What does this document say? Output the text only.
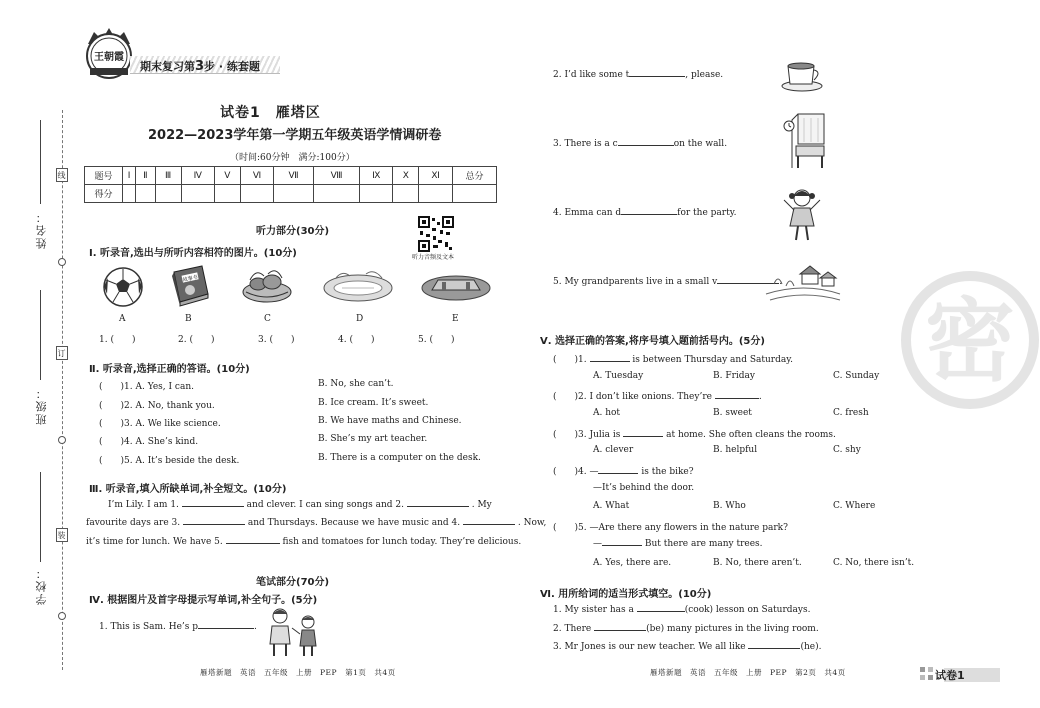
线
订
装
姓名：
班级：
学校：
王朝霞
期末复习第3步 · 练套题
试卷1　雁塔区
2022—2023学年第一学期五年级英语学情调研卷
（时间:60分钟　满分:100分）
题号	Ⅰ	Ⅱ	Ⅲ	Ⅳ	Ⅴ	Ⅵ	Ⅶ	Ⅷ	Ⅸ	Ⅹ	Ⅺ	总分
得分												
听力部分(30分)
听力音频及文本
Ⅰ. 听录音,选出与所听内容相符的图片。(10分)
故事书
A	B	C	D	E
1. (　　)	2. (　　)	3. (　　)	4. (　　)	5. (　　)
Ⅱ. 听录音,选择正确的答语。(10分)
(　　)1. A. Yes, I can.	B. No, she can’t.
(　　)2. A. No, thank you.	B. Ice cream. It’s sweet.
(　　)3. A. We like science.	B. We have maths and Chinese.
(　　)4. A. She’s kind.	B. She’s my art teacher.
(　　)5. A. It’s beside the desk.	B. There is a computer on the desk.
Ⅲ. 听录音,填入所缺单词,补全短文。(10分)
I’m Lily. I am 1.	and clever. I can sing songs and 2.	. My
favourite days are 3.	and Thursdays. Because we have music and 4.	. Now,
it’s time for lunch. We have 5.	fish and tomatoes for lunch today. They’re delicious.
笔试部分(70分)
Ⅳ. 根据图片及首字母提示写单词,补全句子。(5分)
1. This is Sam. He’s p	.
雁塔新题　英语　五年级　上册　PEP　第1页　共4页
密
2. I’d like some t	, please.
3. There is a c	on the wall.
4. Emma can d	for the party.
5. My grandparents live in a small v	.
Ⅴ. 选择正确的答案,将序号填入题前括号内。(5分)
(　　)1.	is between Thursday and Saturday.
A. Tuesday	B. Friday	C. Sunday
(　　)2. I don’t like onions. They’re	.
A. hot	B. sweet	C. fresh
(　　)3. Julia is	at home. She often cleans the rooms.
A. clever	B. helpful	C. shy
(　　)4. —	is the bike?
—It’s behind the door.
A. What	B. Who	C. Where
(　　)5. —Are there any flowers in the nature park?
—	But there are many trees.
A. Yes, there are.	B. No, there aren’t.	C. No, there isn’t.
Ⅵ. 用所给词的适当形式填空。(10分)
1. My sister has a	(cook) lesson on Saturdays.
2. There	(be) many pictures in the living room.
3. Mr Jones is our new teacher. We all like	(he).
雁塔新题　英语　五年级　上册　PEP　第2页　共4页	试卷1
